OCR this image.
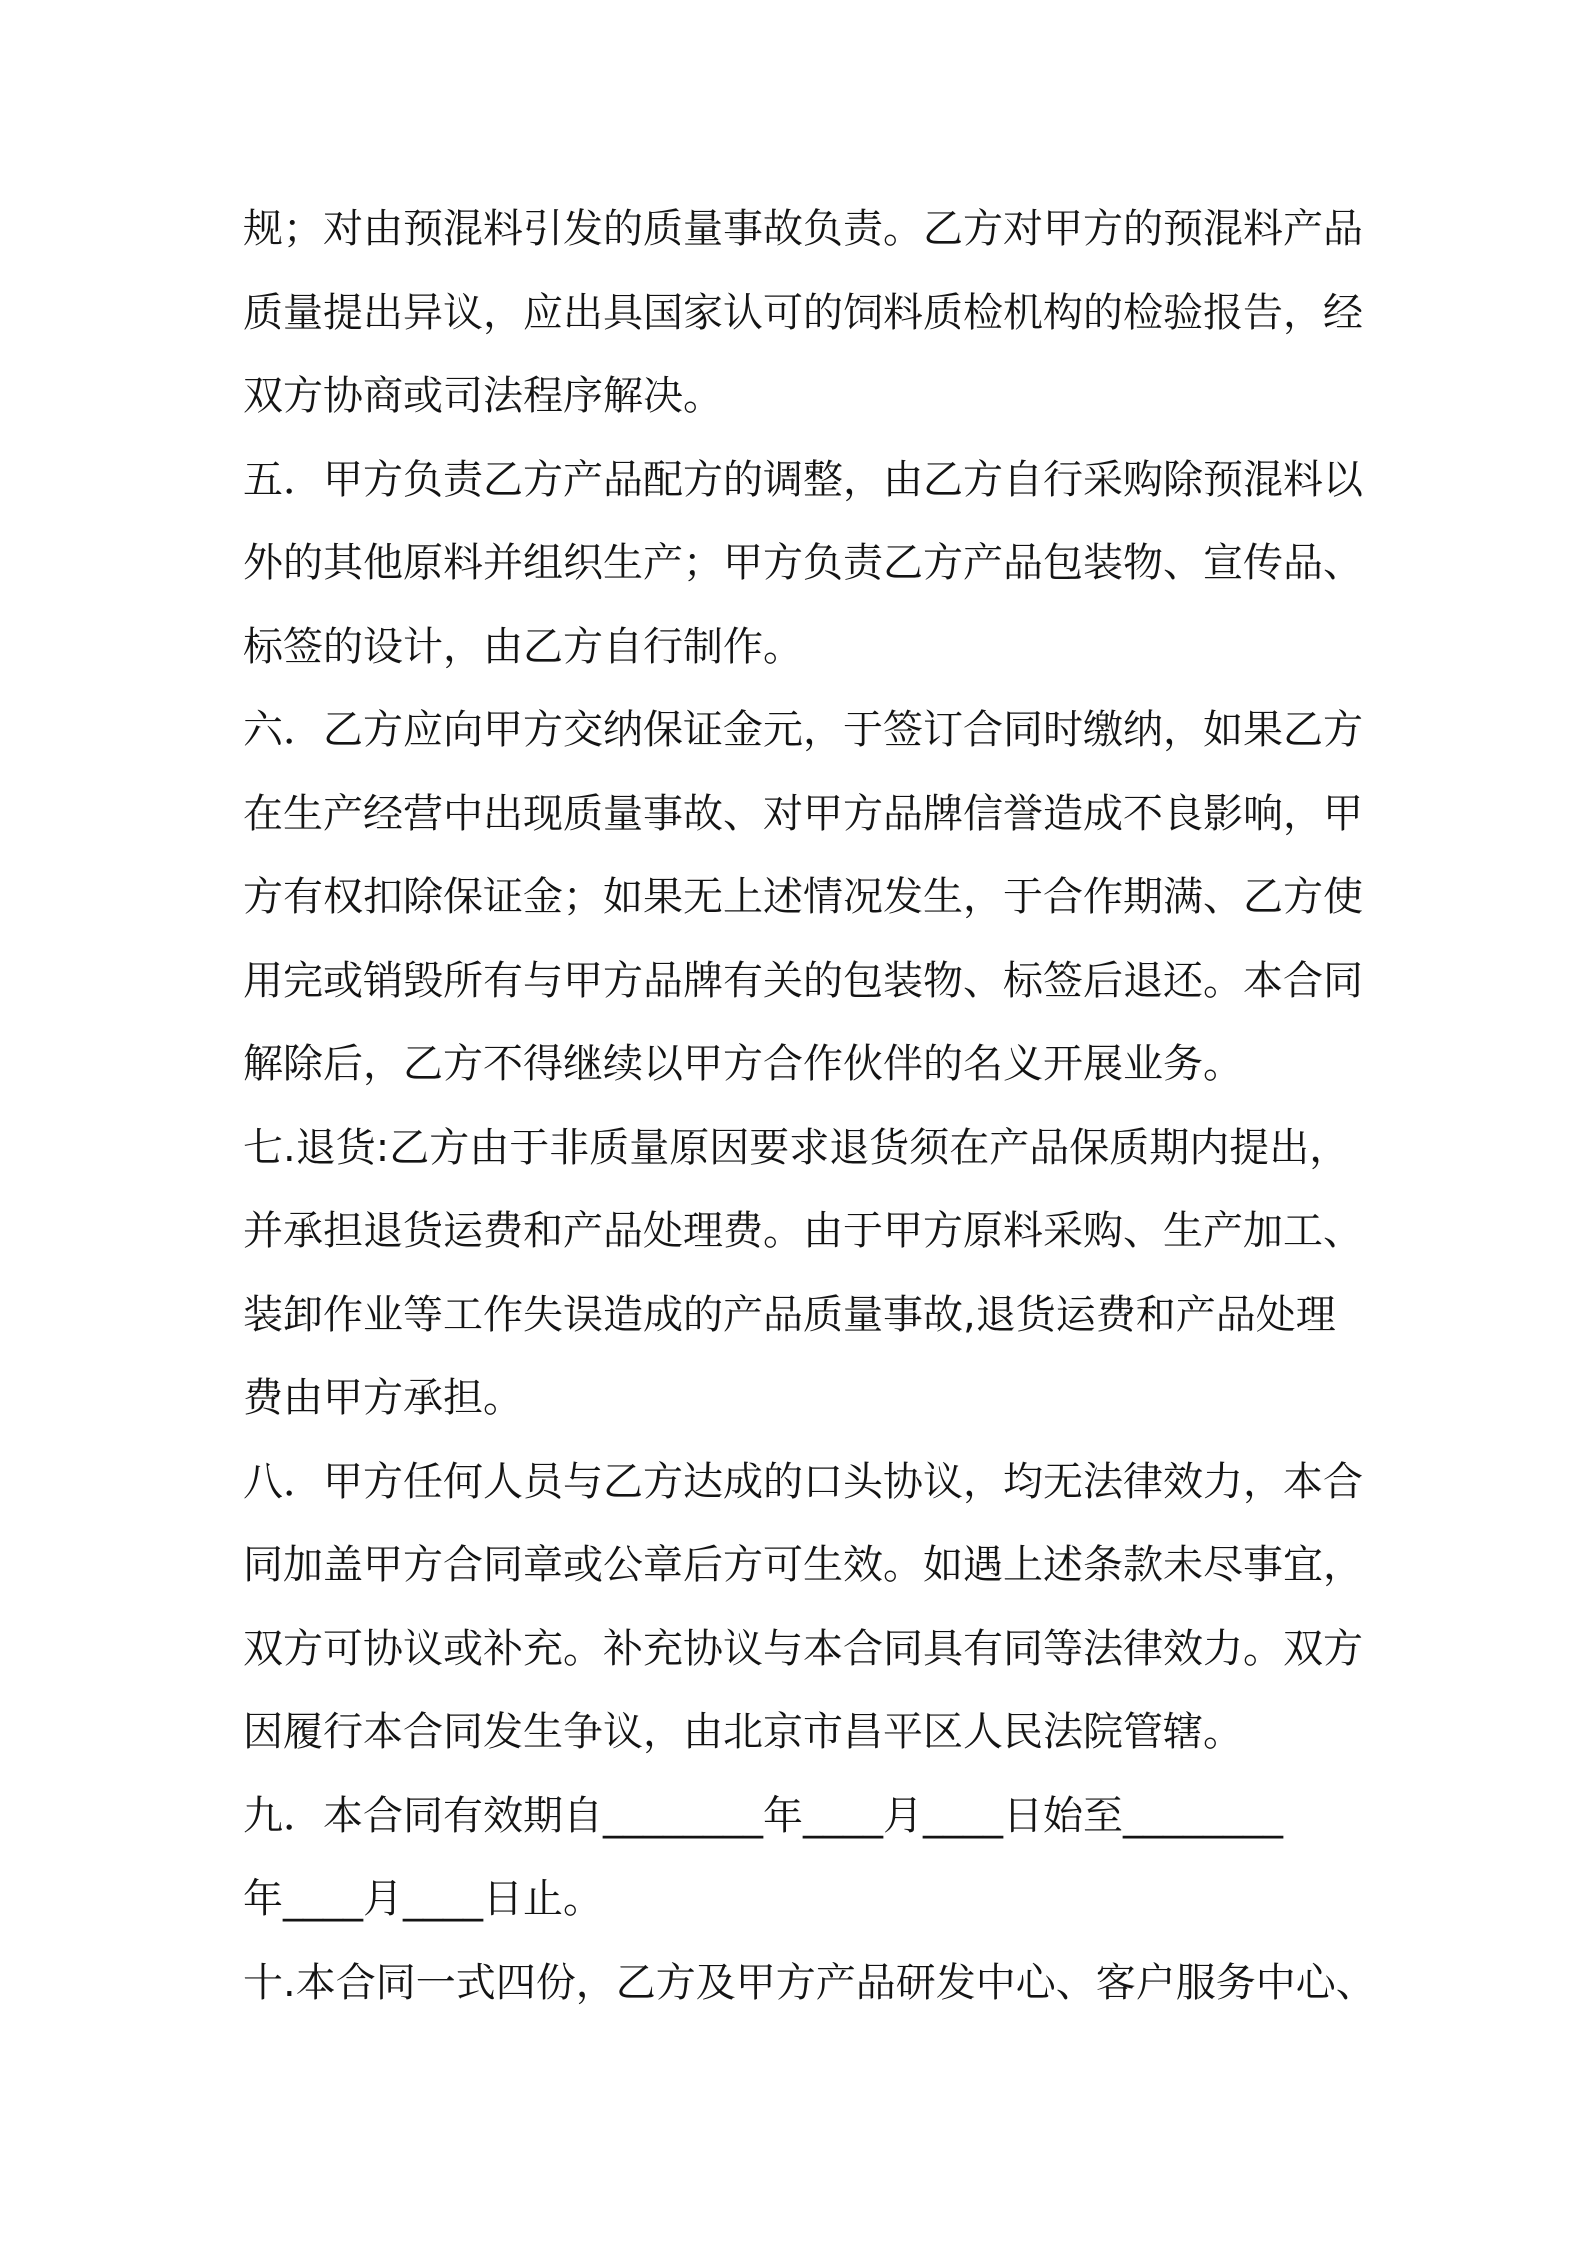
规；对由预混料引发的质量事故负责。乙方对甲方的预混料产品
质量提出异议，应出具国家认可的饲料质检机构的检验报告，经
双方协商或司法程序解决。
五．甲方负责乙方产品配方的调整，由乙方自行采购除预混料以
外的其他原料并组织生产；甲方负责乙方产品包装物、宣传品、
标签的设计，由乙方自行制作。
六．乙方应向甲方交纳保证金元，于签订合同时缴纳，如果乙方
在生产经营中出现质量事故、对甲方品牌信誉造成不良影响，甲
方有权扣除保证金；如果无上述情况发生，于合作期满、乙方使
用完或销毁所有与甲方品牌有关的包装物、标签后退还。本合同
解除后，乙方不得继续以甲方合作伙伴的名义开展业务。
七.退货:乙方由于非质量原因要求退货须在产品保质期内提出，
并承担退货运费和产品处理费。由于甲方原料采购、生产加工、
装卸作业等工作失误造成的产品质量事故,退货运费和产品处理
费由甲方承担。
八．甲方任何人员与乙方达成的口头协议，均无法律效力，本合
同加盖甲方合同章或公章后方可生效。如遇上述条款未尽事宜，
双方可协议或补充。补充协议与本合同具有同等法律效力。双方
因履行本合同发生争议，由北京市昌平区人民法院管辖。
九．本合同有效期自________年____月____日始至________
年____月____日止。
十.本合同一式四份，乙方及甲方产品研发中心、客户服务中心、
